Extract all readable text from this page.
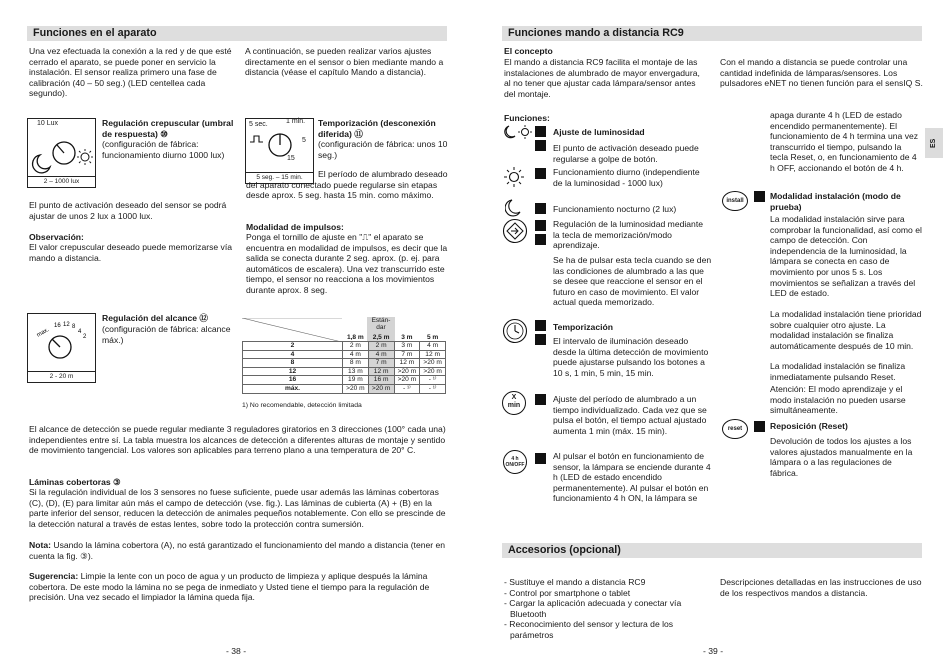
Funciones en el aparato

Una vez efectuada la conexión a la red y de que esté cerrado el aparato, se puede poner en servicio la instalación. El sensor realiza primero una fase de calibración (40 – 50 seg.) (LED centellea cada segundo).

A continuación, se pueden realizar varios ajustes directamente en el sensor o bien mediante mando a distancia (véase el capítulo Mando a distancia).

10 Lux
2 – 1000 lux

Regulación crepuscular (umbral de respuesta) ⑩

(configuración de fábrica: funcionamiento diurno 1000 lux)

El punto de activación deseado del sensor se podrá ajustar de unos 2 lux a 1000 lux.

Observación:

El valor crepuscular deseado puede memorizarse vía mando a distancia.

5 sec.	1 min.
5
15
5 seg. – 15 min.

Temporización (desconexión diferida) ⑪

(configuración de fábrica: unos 10 seg.)

El período de alumbrado deseado del aparato conectado puede regularse sin etapas desde aprox. 5 seg. hasta 15 min. como máximo.

Modalidad de impulsos:

Ponga el tornillo de ajuste en "⎍" el aparato se encuentra en modalidad de impulsos, es decir que la salida se conecta durante 2 seg. aprox. (p. ej. para automáticos de escalera). Una vez transcurrido este tiempo, el sensor no reacciona a los movimientos durante aprox. 8 seg.

max.
16 12 8
4
2
2 - 20 m

Regulación del alcance ⑫

(configuración de fábrica: alcance máx.)

Están-dar
	1,8 m	2,5 m	3 m	5 m
2	2 m	2 m	3 m	4 m
4	4 m	4 m	7 m	12 m
8	8 m	7 m	12 m	>20 m
12	13 m	12 m	>20 m	>20 m
16	19 m	16 m	>20 m	- ¹⁾
máx.	>20 m	>20 m	- ¹⁾	- ¹⁾

1) No recomendable, detección limitada

El alcance de detección se puede regular mediante 3 reguladores giratorios en 3 direcciones (100° cada una) independientes entre sí. La tabla muestra los alcances de detección a diferentes alturas de montaje y sentido de movimiento tangencial. Los valores son aplicables para terreno plano a una temperatura de 20° C.

Láminas cobertoras ③

Si la regulación individual de los 3 sensores no fuese suficiente, puede usar además las láminas cobertoras (C), (D), (E) para limitar aún más el campo de detección (vse. fig.). Las láminas de cubierta (A) + (B) en la parte inferior del sensor, reducen la detección de animales pequeños notablemente. Con ello se prescinde de la detección natural a través de estas lentes, sobre todo la protección contra sumersión.

Nota: Usando la lámina cobertora (A), no está garantizado el funcionamiento del mando a distancia (tener en cuenta la fig. ③).

Sugerencia: Limpie la lente con un poco de agua y un producto de limpieza y aplique después la lámina cobertora. De este modo la lámina no se pega de inmediato y Usted tiene el tiempo para la regulación de precisión. Una vez secado el limpiador la lámina queda fija.

- 38 -
Funciones mando a distancia RC9
ES

El concepto

El mando a distancia RC9 facilita el montaje de las instalaciones de alumbrado de mayor envergadura, al no tener que ajustar cada lámpara/sensor antes del montaje.

Con el mando a distancia se puede controlar una cantidad indefinida de lámparas/sensores. Los pulsadores eNET no tienen función para el sensIQ S.

Funciones:

Ajuste de luminosidad

El punto de activación deseado puede regularse a golpe de botón.

Funcionamiento diurno (independiente de la luminosidad - 1000 lux)

Funcionamiento nocturno (2 lux)

Regulación de la luminosidad mediante la tecla de memorización/modo aprendizaje.

Se ha de pulsar esta tecla cuando se den las condiciones de alumbrado a las que se desee que reaccione el sensor en el futuro en caso de movimiento. El valor actual queda memorizado.

Temporización

El intervalo de iluminación deseado desde la última detección de movimiento puede ajustarse pulsando los botones a 10 s, 1 min, 5 min, 15 min.

X
min

Ajuste del período de alumbrado a un tiempo individualizado. Cada vez que se pulsa el botón, el tiempo actual ajustado aumenta 1 min (máx. 15 min).

4 h
ON/OFF

Al pulsar el botón en funcionamiento de sensor, la lámpara se enciende durante 4 h (LED de estado encendido permanentemente). Al pulsar el botón en funcionamiento 4 h ON, la lámpara se

apaga durante 4 h (LED de estado encendido permanentemente). El funcionamiento de 4 h termina una vez transcurrido el tiempo, pulsando la tecla Reset, o, en funcionamiento de 4 h OFF, accionando el botón de 4 h.

install	Modalidad instalación (modo de prueba)

La modalidad instalación sirve para comprobar la funcionalidad, así como el campo de detección. Con independencia de la luminosidad, la lámpara se conecta en caso de movimiento por unos 5 s. Los movimientos se señalizan a través del LED de estado.

La modalidad instalación tiene prioridad sobre cualquier otro ajuste. La modalidad instalación se finaliza automáticamente después de 10 min.

La modalidad instalación se finaliza inmediatamente pulsando Reset.

Atención: El modo aprendizaje y el modo instalación no pueden usarse simultáneamente.

reset	Reposición (Reset)

Devolución de todos los ajustes a los valores ajustados manualmente en la lámpara o a las regulaciones de fábrica.

Accesorios (opcional)
- Sustituye el mando a distancia RC9
- Control por smartphone o tablet
- Cargar la aplicación adecuada y conectar vía Bluetooth
- Reconocimiento del sensor y lectura de los parámetros

Descripciones detalladas en las instrucciones de uso de los respectivos mandos a distancia.

- 39 -
